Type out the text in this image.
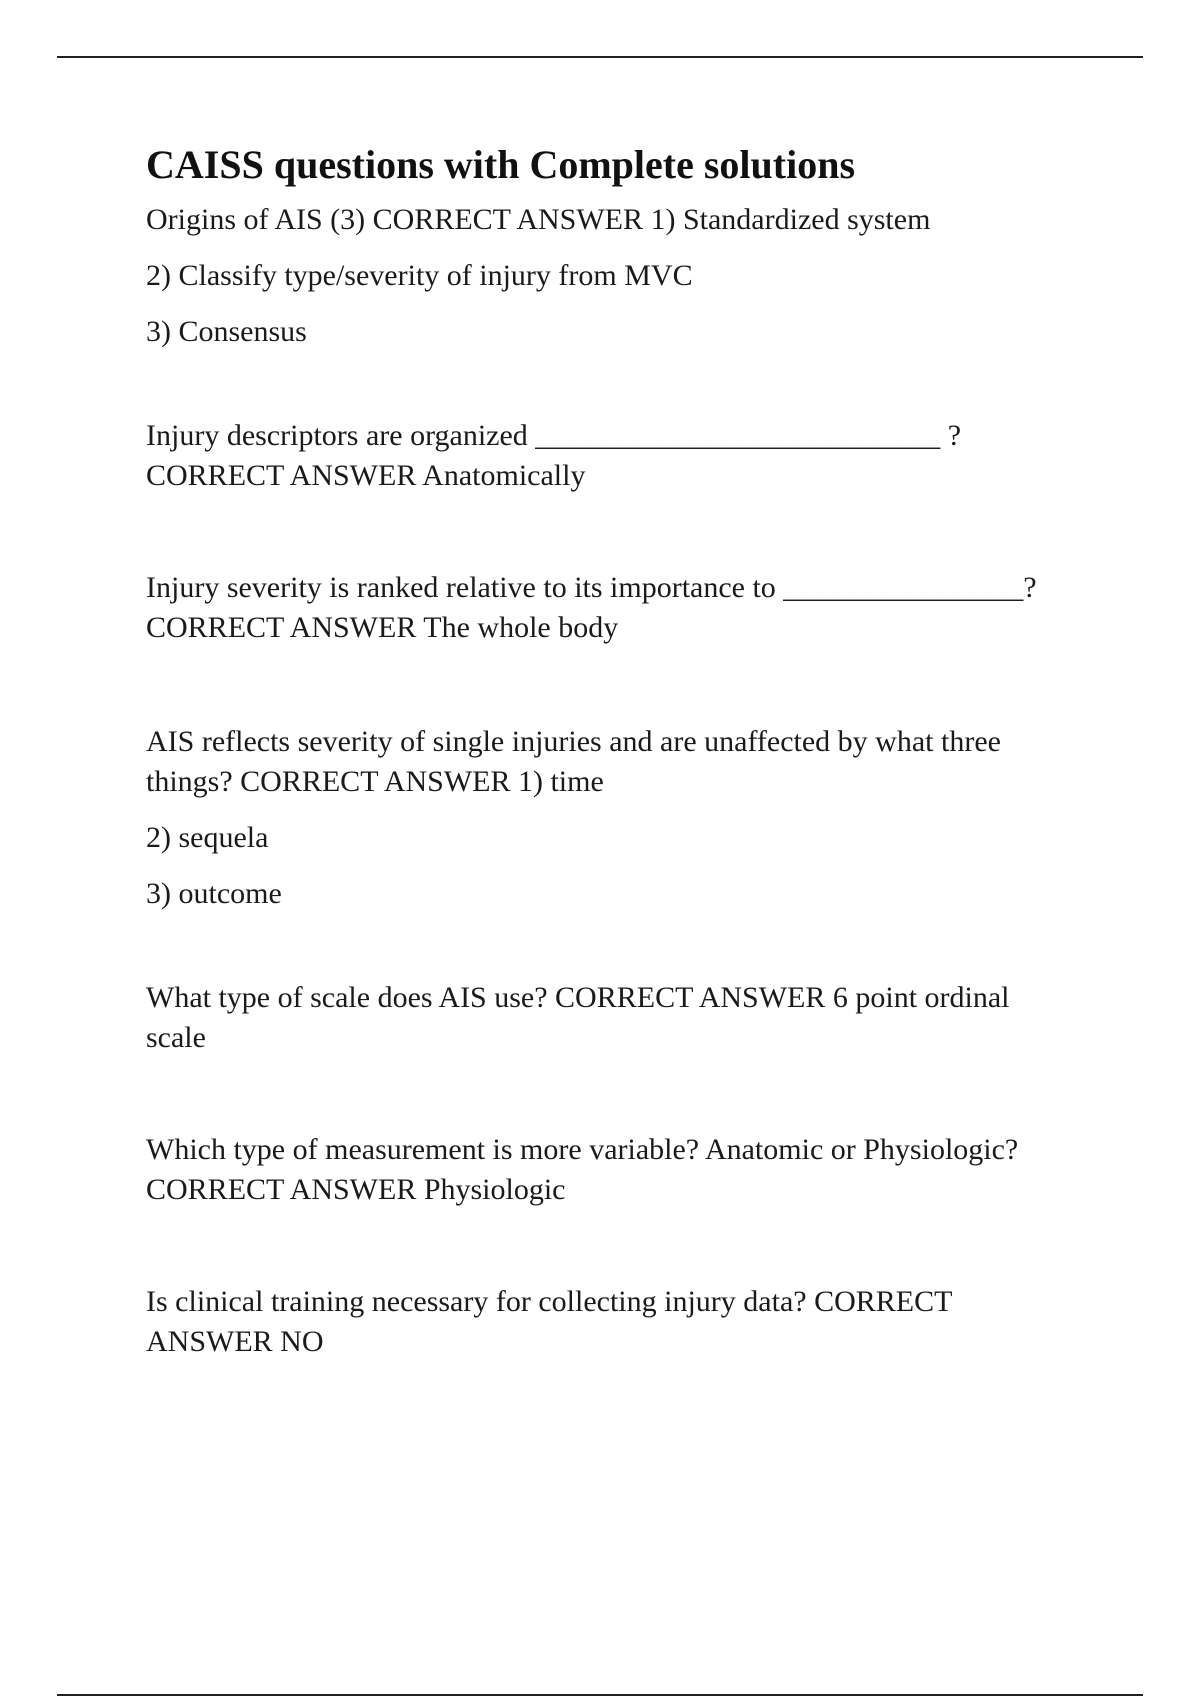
CAISS questions with Complete solutions

Origins of AIS (3) CORRECT ANSWER 1) Standardized system

2) Classify type/severity of injury from MVC

3) Consensus

Injury descriptors are organized ___________________________ ?
CORRECT ANSWER Anatomically

Injury severity is ranked relative to its importance to ________________?
CORRECT ANSWER The whole body

AIS reflects severity of single injuries and are unaffected by what three
things? CORRECT ANSWER 1) time

2) sequela

3) outcome

What type of scale does AIS use? CORRECT ANSWER 6 point ordinal
scale

Which type of measurement is more variable? Anatomic or Physiologic?
CORRECT ANSWER Physiologic

Is clinical training necessary for collecting injury data? CORRECT
ANSWER NO
